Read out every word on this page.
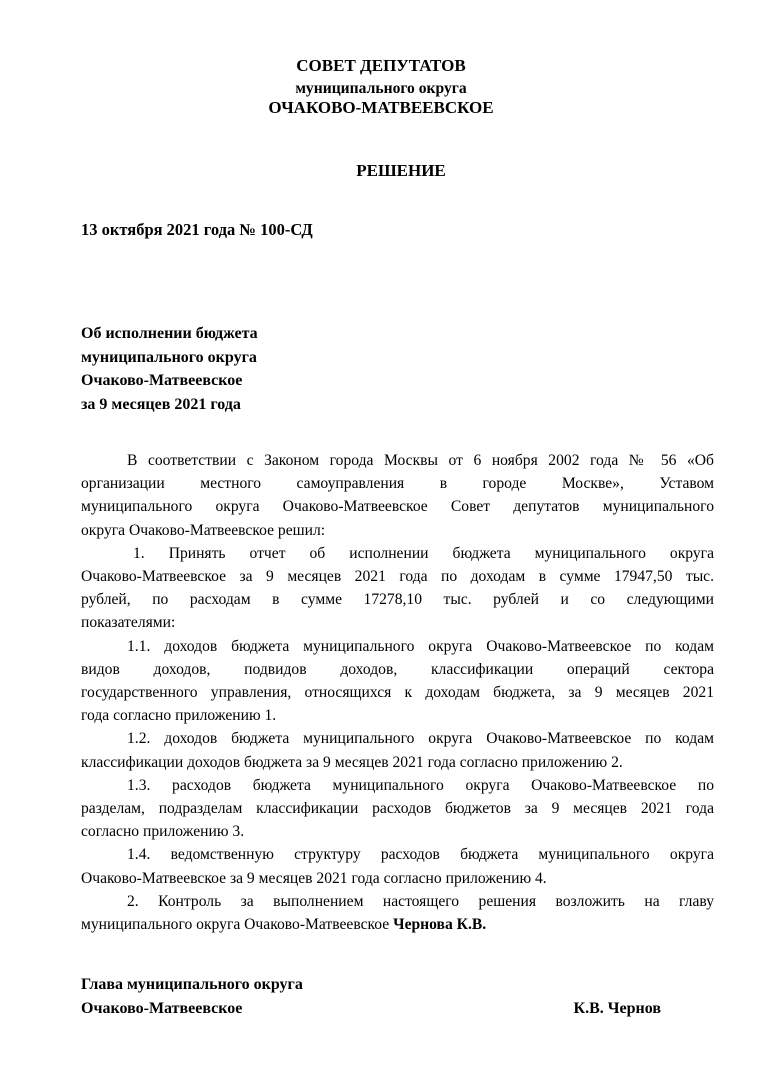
СОВЕТ ДЕПУТАТОВ
муниципального округа
ОЧАКОВО-МАТВЕЕВСКОЕ
РЕШЕНИЕ
13 октября 2021 года № 100-СД
Об исполнении бюджета
муниципального округа
Очаково-Матвеевское
за 9 месяцев 2021 года
В соответствии с Законом города Москвы от 6 ноября 2002 года № 56 «Об
организации местного самоуправления в городе Москве», Уставом
муниципального округа Очаково-Матвеевское Совет депутатов муниципального
округа Очаково-Матвеевское решил:
1. Принять отчет об исполнении бюджета муниципального округа
Очаково-Матвеевское за 9 месяцев 2021 года по доходам в сумме 17947,50 тыс.
рублей, по расходам в сумме 17278,10 тыс. рублей и со следующими
показателями:
1.1. доходов бюджета муниципального округа Очаково-Матвеевское по кодам
видов доходов, подвидов доходов, классификации операций сектора
государственного управления, относящихся к доходам бюджета, за 9 месяцев 2021
года согласно приложению 1.
1.2. доходов бюджета муниципального округа Очаково-Матвеевское по кодам
классификации доходов бюджета за 9 месяцев 2021 года согласно приложению 2.
1.3. расходов бюджета муниципального округа Очаково-Матвеевское по
разделам, подразделам классификации расходов бюджетов за 9 месяцев 2021 года
согласно приложению 3.
1.4. ведомственную структуру расходов бюджета муниципального округа
Очаково-Матвеевское за 9 месяцев 2021 года согласно приложению 4.
2. Контроль за выполнением настоящего решения возложить на главу
муниципального округа Очаково-Матвеевское Чернова К.В.
Глава муниципального округа
Очаково-Матвеевское	К.В. Чернов
